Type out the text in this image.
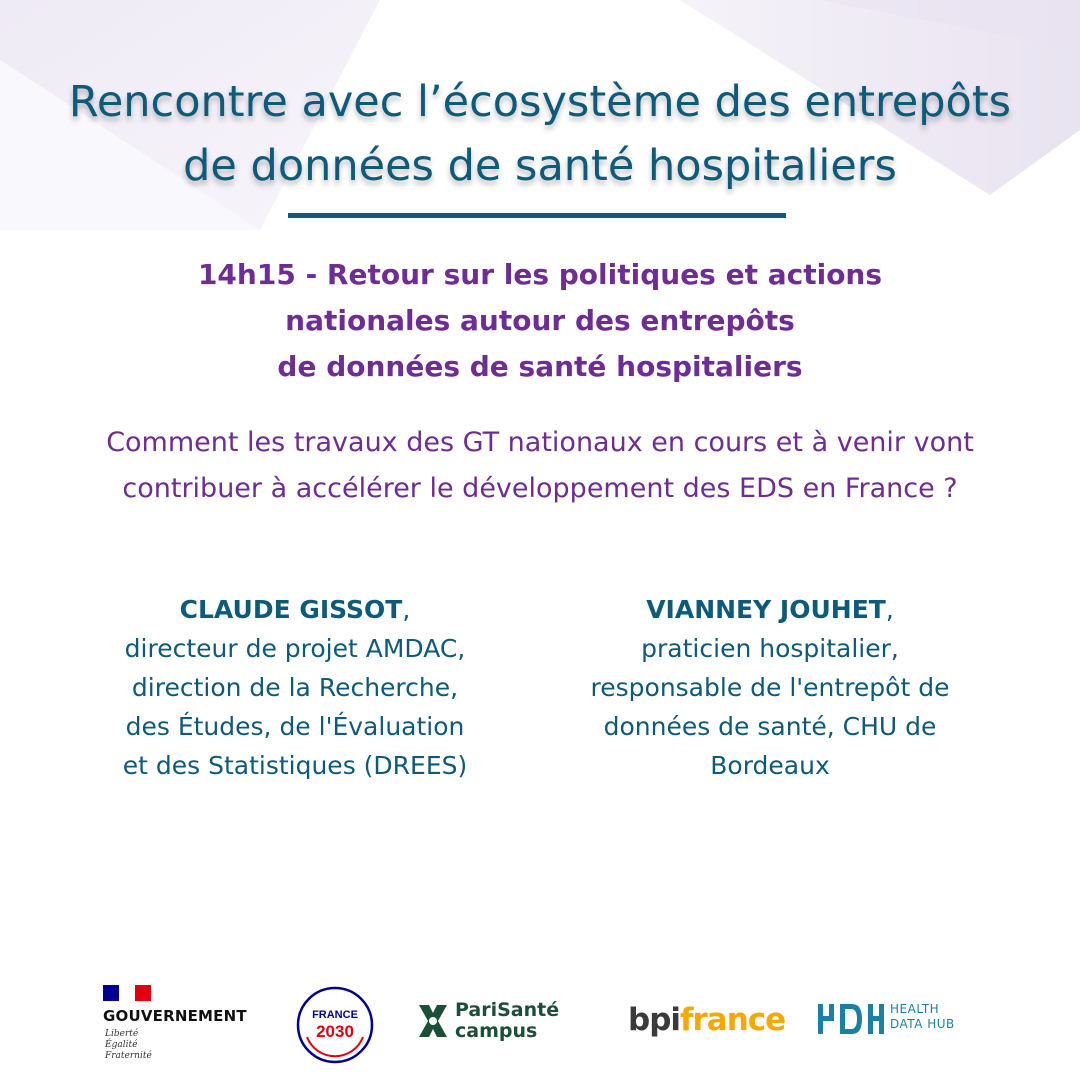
Rencontre avec l’écosystème des entrepôts
de données de santé hospitaliers
14h15 - Retour sur les politiques et actions
nationales autour des entrepôts
de données de santé hospitaliers
Comment les travaux des GT nationaux en cours et à venir vont
contribuer à accélérer le développement des EDS en France ?
CLAUDE GISSOT,
directeur de projet AMDAC,
direction de la Recherche,
des Études, de l'Évaluation
et des Statistiques (DREES)
VIANNEY JOUHET,
praticien hospitalier,
responsable de l'entrepôt de
données de santé, CHU de
Bordeaux
GOUVERNEMENT
Liberté
Égalité
Fraternité
FRANCE
2030
PariSanté
campus	bpifrance	HEALTH
DATA HUB
